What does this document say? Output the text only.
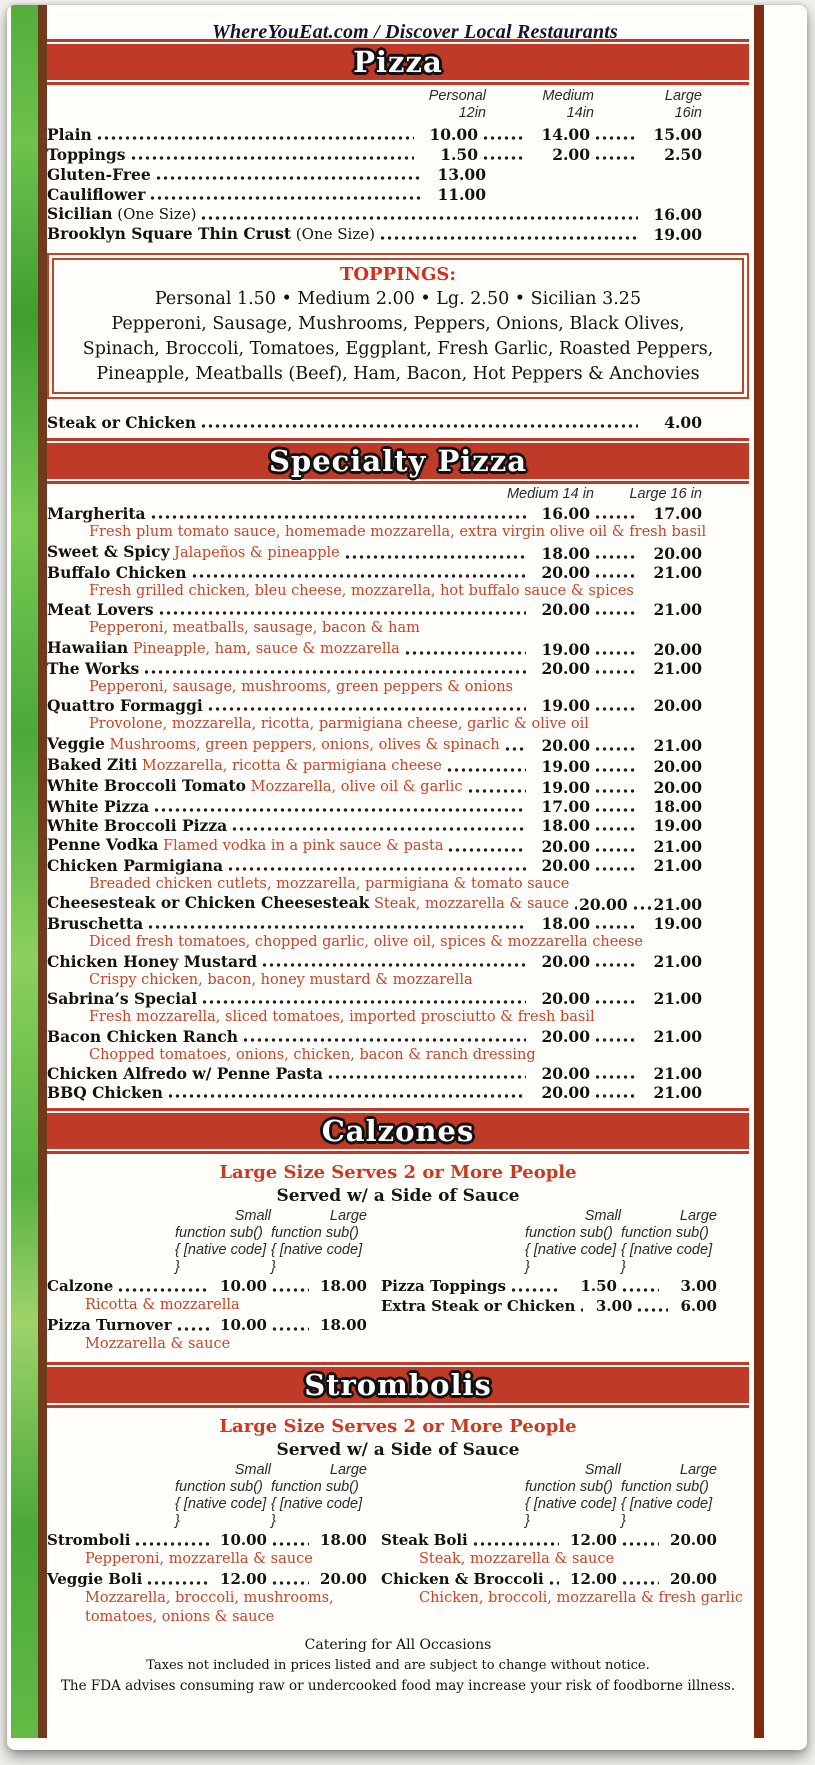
WhereYouEat.com / Discover Local Restaurants
Pizza
Personal
12in
Medium
14in
Large
16in
Plain	10.00	14.00	15.00
Toppings	1.50	2.00	2.50
Gluten-Free	13.00
Cauliflower	11.00
Sicilian (One Size)	16.00
Brooklyn Square Thin Crust (One Size)	19.00
TOPPINGS:
Personal 1.50 • Medium 2.00 • Lg. 2.50 • Sicilian 3.25
Pepperoni, Sausage, Mushrooms, Peppers, Onions, Black Olives, Spinach, Broccoli, Tomatoes, Eggplant, Fresh Garlic, Roasted Peppers, Pineapple, Meatballs (Beef), Ham, Bacon, Hot Peppers & Anchovies
Steak or Chicken	4.00
Specialty Pizza
Medium 14 in Large 16 in
Margherita	16.00	17.00
Fresh plum tomato sauce, homemade mozzarella, extra virgin olive oil & fresh basil
Sweet & Spicy Jalapeños & pineapple	18.00	20.00
Buffalo Chicken	20.00	21.00
Fresh grilled chicken, bleu cheese, mozzarella, hot buffalo sauce & spices
Meat Lovers	20.00	21.00
Pepperoni, meatballs, sausage, bacon & ham
Hawaiian Pineapple, ham, sauce & mozzarella	19.00	20.00
The Works	20.00	21.00
Pepperoni, sausage, mushrooms, green peppers & onions
Quattro Formaggi	19.00	20.00
Provolone, mozzarella, ricotta, parmigiana cheese, garlic & olive oil
Veggie Mushrooms, green peppers, onions, olives & spinach	20.00	21.00
Baked Ziti Mozzarella, ricotta & parmigiana cheese	19.00	20.00
White Broccoli Tomato Mozzarella, olive oil & garlic	19.00	20.00
White Pizza	17.00	18.00
White Broccoli Pizza	18.00	19.00
Penne Vodka Flamed vodka in a pink sauce & pasta	20.00	21.00
Chicken Parmigiana	20.00	21.00
Breaded chicken cutlets, mozzarella, parmigiana & tomato sauce
Cheesesteak or Chicken Cheesesteak Steak, mozzarella & sauce 20.00 21.00
Bruschetta	18.00	19.00
Diced fresh tomatoes, chopped garlic, olive oil, spices & mozzarella cheese
Chicken Honey Mustard	20.00	21.00
Crispy chicken, bacon, honey mustard & mozzarella
Sabrina’s Special	20.00	21.00
Fresh mozzarella, sliced tomatoes, imported prosciutto & fresh basil
Bacon Chicken Ranch	20.00	21.00
Chopped tomatoes, onions, chicken, bacon & ranch dressing
Chicken Alfredo w/ Penne Pasta	20.00	21.00
BBQ Chicken	20.00	21.00
Calzones
Large Size Serves 2 or More People
Served w/ a Side of Sauce
Small
function sub() { [native code] }
Large
function sub() { [native code] }
Calzone	10.00	18.00
Ricotta & mozzarella
Pizza Turnover	10.00	18.00
Mozzarella & sauce
Small
function sub() { [native code] }
Large
function sub() { [native code] }
Pizza Toppings	1.50	3.00
Extra Steak or Chicken	3.00	6.00
Strombolis
Large Size Serves 2 or More People
Served w/ a Side of Sauce
Small
function sub() { [native code] }
Large
function sub() { [native code] }
Stromboli	10.00	18.00
Pepperoni, mozzarella & sauce
Veggie Boli	12.00	20.00
Mozzarella, broccoli, mushrooms, tomatoes, onions & sauce
Small
function sub() { [native code] }
Large
function sub() { [native code] }
Steak Boli	12.00	20.00
Steak, mozzarella & sauce
Chicken & Broccoli	12.00	20.00
Chicken, broccoli, mozzarella & fresh garlic
Catering for All Occasions
Taxes not included in prices listed and are subject to change without notice.
The FDA advises consuming raw or undercooked food may increase your risk of foodborne illness.
